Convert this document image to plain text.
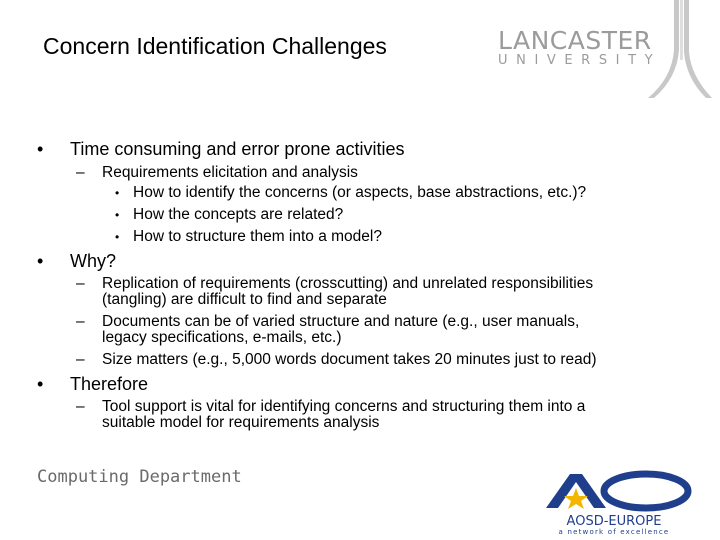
Concern Identification Challenges	LANCASTER
UNIVERSITY
• Time consuming and error prone activities
– Requirements elicitation and analysis
• How to identify the concerns (or aspects, base abstractions, etc.)?
• How the concepts are related?
• How to structure them into a model?
• Why?
– Replication of requirements (crosscutting) and unrelated responsibilities
(tangling) are difficult to find and separate
– Documents can be of varied structure and nature (e.g., user manuals,
legacy specifications, e-mails, etc.)
– Size matters (e.g., 5,000 words document takes 20 minutes just to read)
• Therefore
– Tool support is vital for identifying concerns and structuring them into a
suitable model for requirements analysis
Computing Department
AOSD-EUROPE
a network of excellence
